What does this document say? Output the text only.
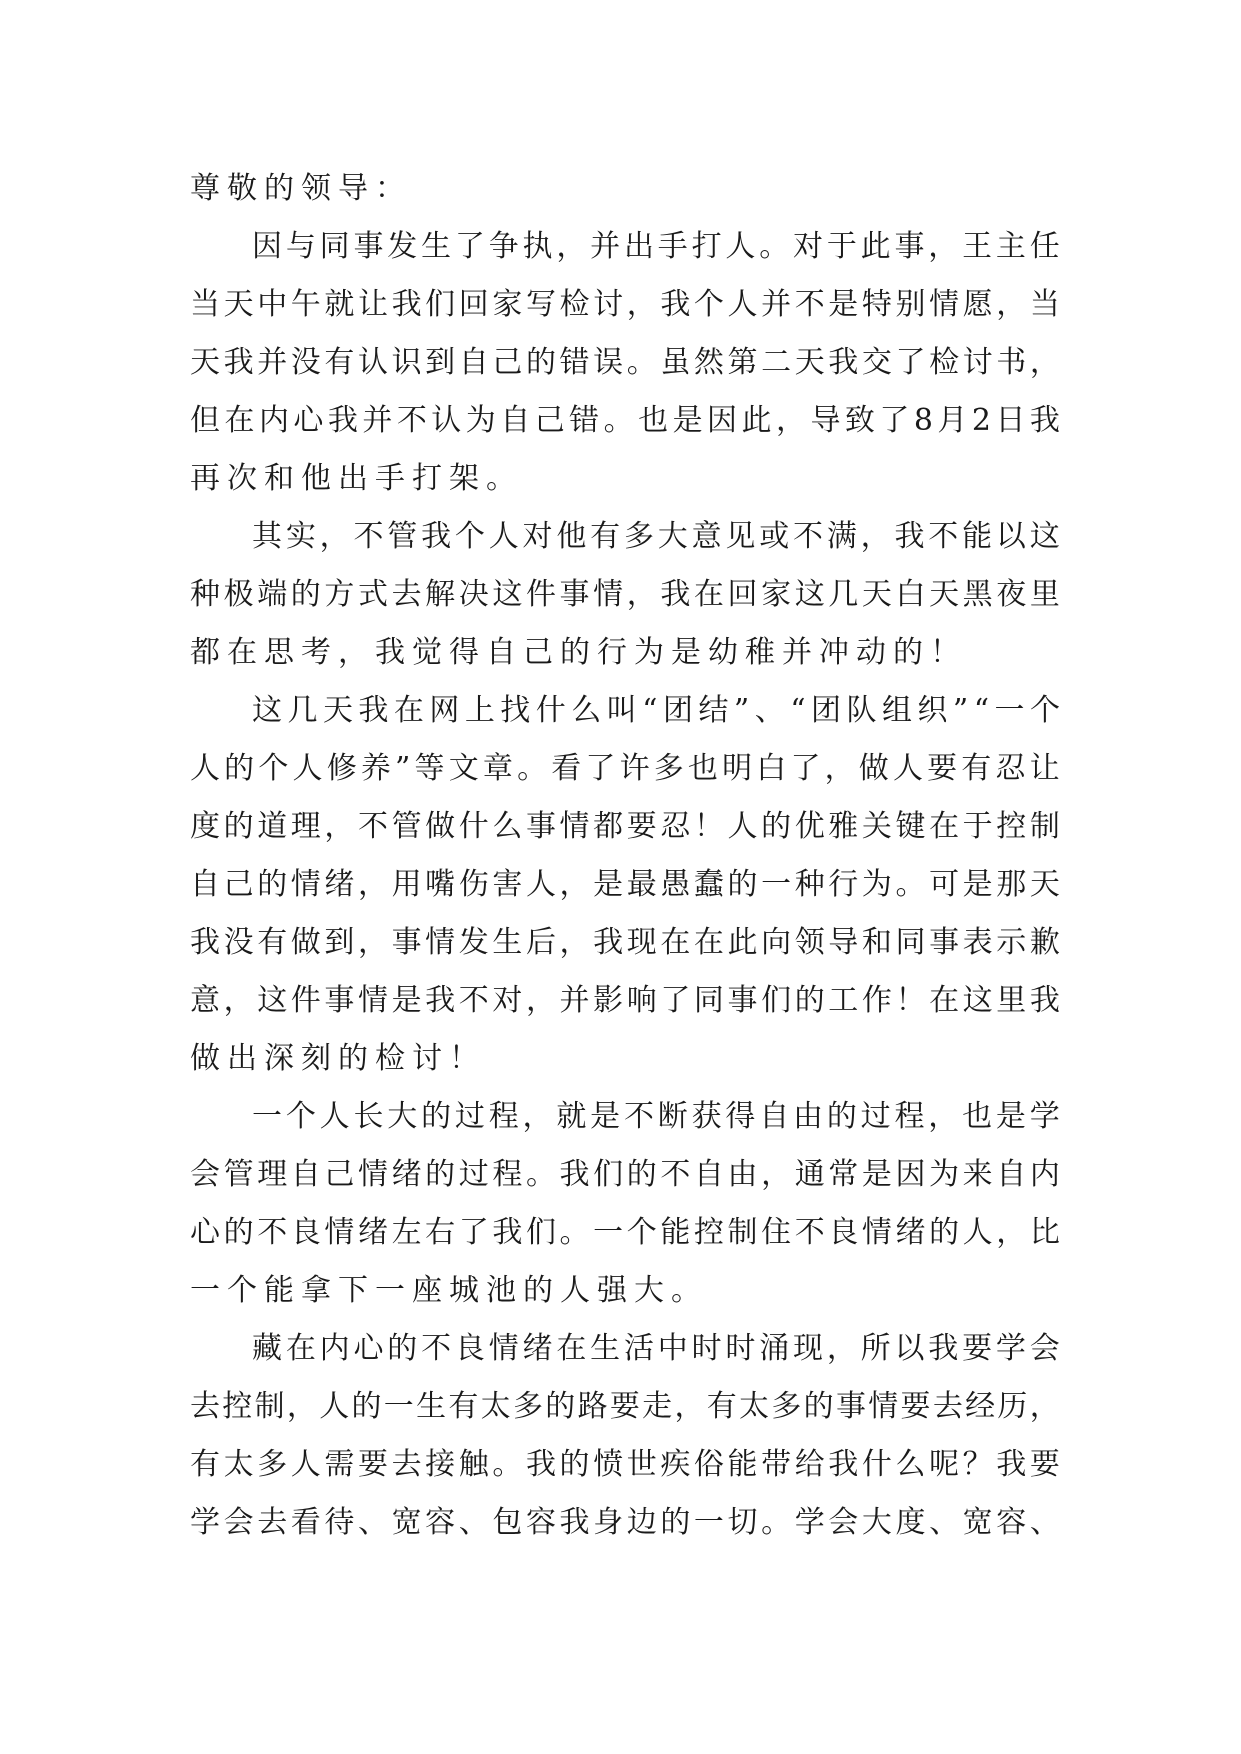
尊敬的领导：
因 与 同 事 发 生 了 争 执 ， 并 出 手 打 人 。 对 于 此 事 ， 王 主 任
当 天 中 午 就 让 我 们 回 家 写 检 讨 ， 我 个 人 并 不 是 特 别 情 愿 ， 当
天 我 并 没 有 认 识 到 自 己 的 错 误 。 虽 然 第 二 天 我 交 了 检 讨 书 ，
但 在 内 心 我 并 不 认 为 自 己 错 。 也 是 因 此 ， 导 致 了 8 月 2 日 我
再次和他出手打架。
其 实 ， 不 管 我 个 人 对 他 有 多 大 意 见 或 不 满 ， 我 不 能 以 这
种 极 端 的 方 式 去 解 决 这 件 事 情 ， 我 在 回 家 这 几 天 白 天 黑 夜 里
都在思考，我觉得自己的行为是幼稚并冲动的！
这 几 天 我 在 网 上 找 什 么 叫 “ 团 结 ” 、 “ 团 队 组 织 ” “ 一 个
人 的 个 人 修 养 ” 等 文 章 。 看 了 许 多 也 明 白 了 ， 做 人 要 有 忍 让
度 的 道 理 ， 不 管 做 什 么 事 情 都 要 忍 ！ 人 的 优 雅 关 键 在 于 控 制
自 己 的 情 绪 ， 用 嘴 伤 害 人 ， 是 最 愚 蠢 的 一 种 行 为 。 可 是 那 天
我 没 有 做 到 ， 事 情 发 生 后 ， 我 现 在 在 此 向 领 导 和 同 事 表 示 歉
意 ， 这 件 事 情 是 我 不 对 ， 并 影 响 了 同 事 们 的 工 作 ！ 在 这 里 我
做出深刻的检讨！
一 个 人 长 大 的 过 程 ， 就 是 不 断 获 得 自 由 的 过 程 ， 也 是 学
会 管 理 自 己 情 绪 的 过 程 。 我 们 的 不 自 由 ， 通 常 是 因 为 来 自 内
心 的 不 良 情 绪 左 右 了 我 们 。 一 个 能 控 制 住 不 良 情 绪 的 人 ， 比
一个能拿下一座城池的人强大。
藏 在 内 心 的 不 良 情 绪 在 生 活 中 时 时 涌 现 ， 所 以 我 要 学 会
去 控 制 ， 人 的 一 生 有 太 多 的 路 要 走 ， 有 太 多 的 事 情 要 去 经 历 ，
有 太 多 人 需 要 去 接 触 。 我 的 愤 世 疾 俗 能 带 给 我 什 么 呢 ？ 我 要
学 会 去 看 待 、 宽 容 、 包 容 我 身 边 的 一 切 。 学 会 大 度 、 宽 容 、
